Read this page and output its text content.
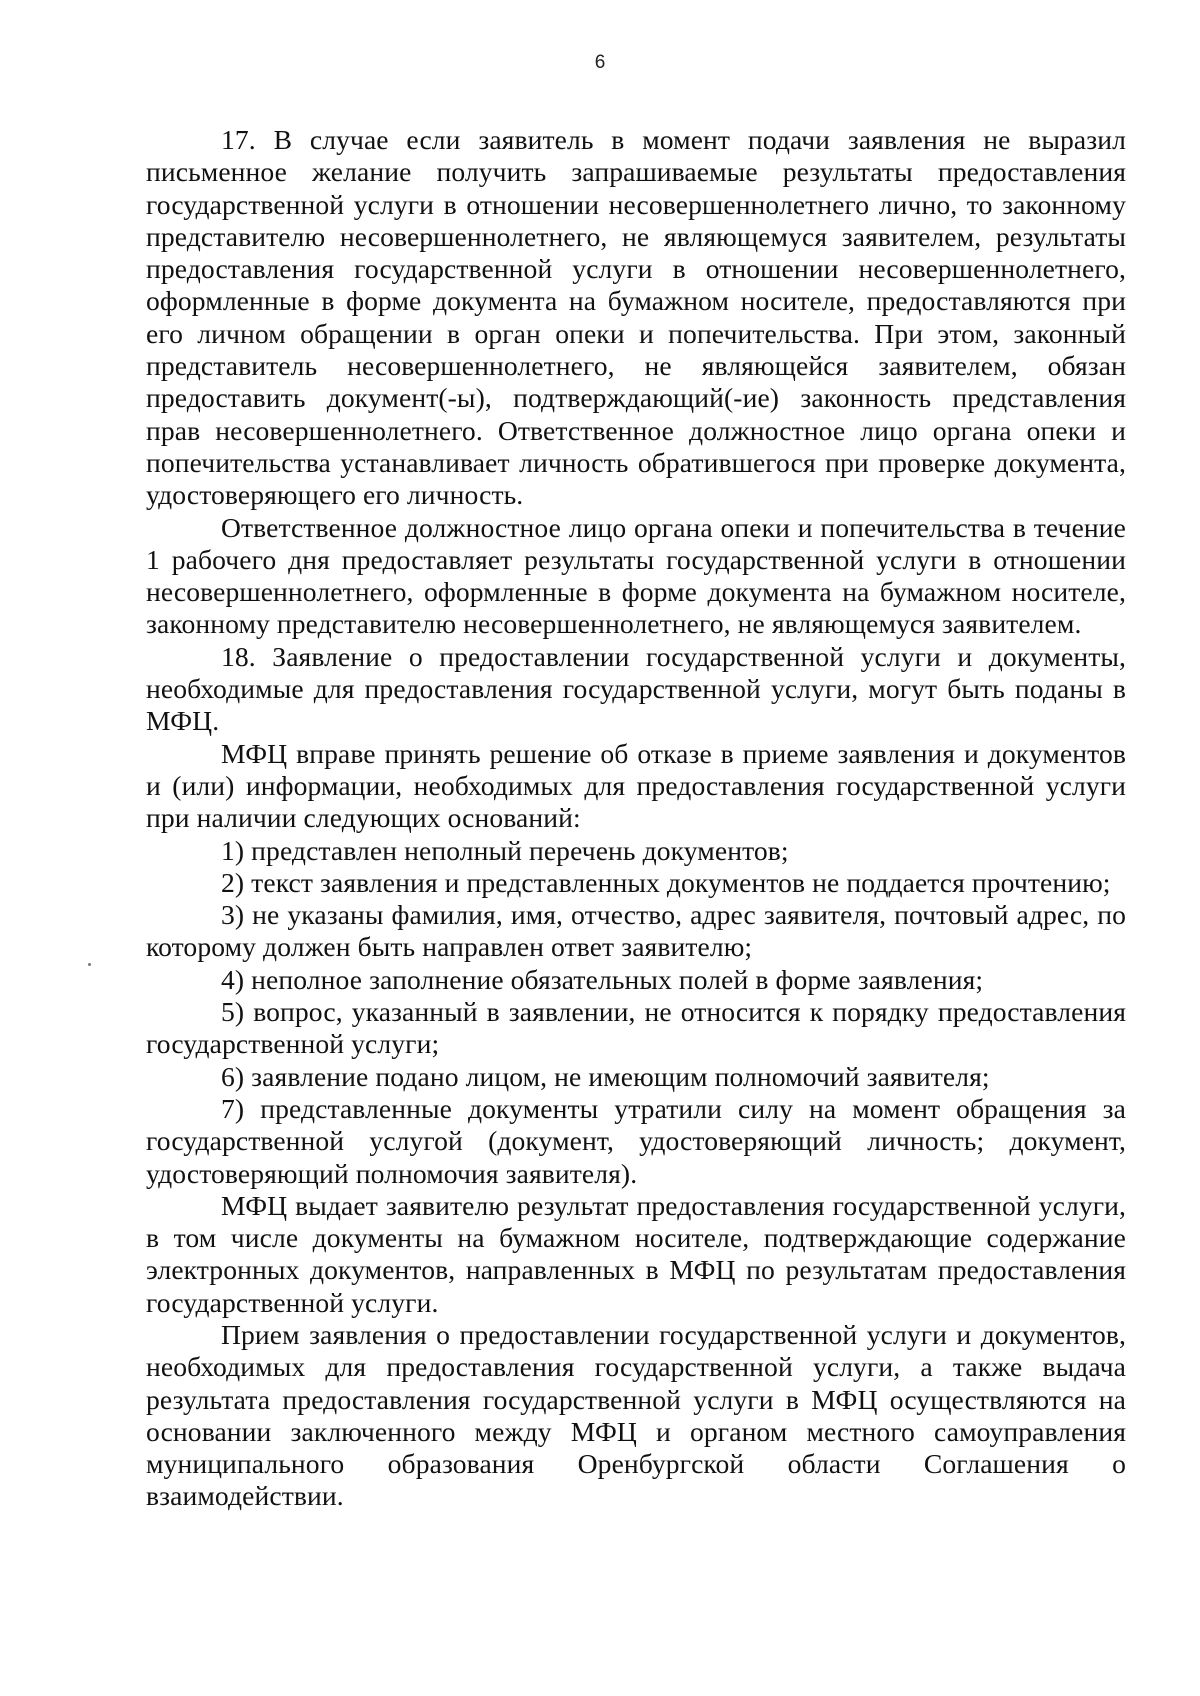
6

17. В случае если заявитель в момент подачи заявления не выразил письменное желание получить запрашиваемые результаты предоставления государственной услуги в отношении несовершеннолетнего лично, то законному представителю несовершеннолетнего, не являющемуся заявителем, результаты предоставления государственной услуги в отношении несовершеннолетнего, оформленные в форме документа на бумажном носителе, предоставляются при его личном обращении в орган опеки и попечительства. При этом, законный представитель несовершеннолетнего, не являющейся заявителем, обязан предоставить документ(-ы), подтверждающий(-ие) законность представления прав несовершеннолетнего. Ответственное должностное лицо органа опеки и попечительства устанавливает личность обратившегося при проверке документа, удостоверяющего его личность.

Ответственное должностное лицо органа опеки и попечительства в течение 1 рабочего дня предоставляет результаты государственной услуги в отношении несовершеннолетнего, оформленные в форме документа на бумажном носителе, законному представителю несовершеннолетнего, не являющемуся заявителем.

18. Заявление о предоставлении государственной услуги и документы, необходимые для предоставления государственной услуги, могут быть поданы в МФЦ.

МФЦ вправе принять решение об отказе в приеме заявления и документов и (или) информации, необходимых для предоставления государственной услуги при наличии следующих оснований:

1) представлен неполный перечень документов;

2) текст заявления и представленных документов не поддается прочтению;

3) не указаны фамилия, имя, отчество, адрес заявителя, почтовый адрес, по которому должен быть направлен ответ заявителю;

4) неполное заполнение обязательных полей в форме заявления;

5) вопрос, указанный в заявлении, не относится к порядку предоставления государственной услуги;

6) заявление подано лицом, не имеющим полномочий заявителя;

7) представленные документы утратили силу на момент обращения за государственной услугой (документ, удостоверяющий личность; документ, удостоверяющий полномочия заявителя).

МФЦ выдает заявителю результат предоставления государственной услуги, в том числе документы на бумажном носителе, подтверждающие содержание электронных документов, направленных в МФЦ по результатам предоставления государственной услуги.

Прием заявления о предоставлении государственной услуги и документов, необходимых для предоставления государственной услуги, а также выдача результата предоставления государственной услуги в МФЦ осуществляются на основании заключенного между МФЦ и органом местного самоуправления муниципального образования Оренбургской области Соглашения о взаимодействии.
